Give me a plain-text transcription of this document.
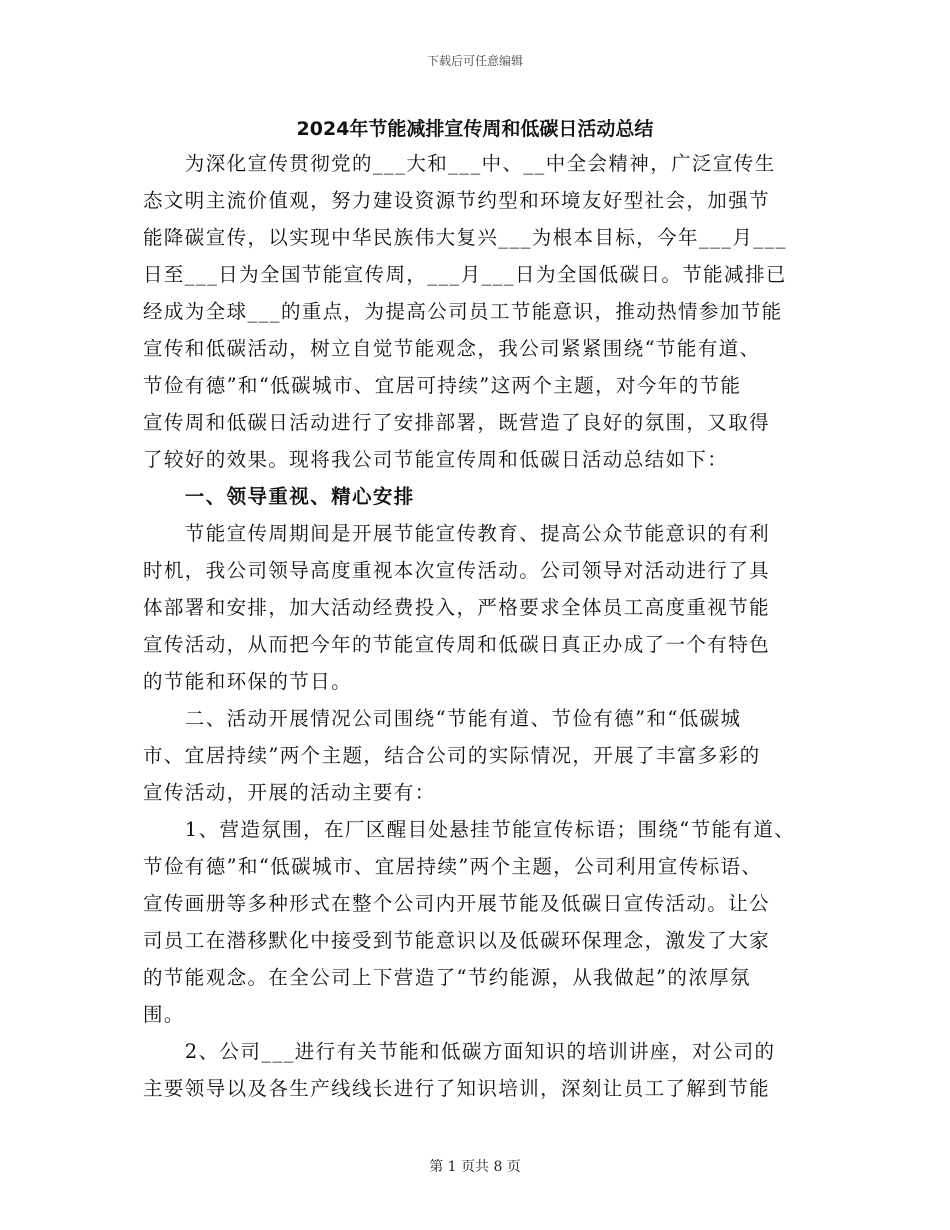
下载后可任意编辑
2024年节能减排宣传周和低碳日活动总结
　　为深化宣传贯彻党的___大和___中、__中全会精神，广泛宣传生
态文明主流价值观，努力建设资源节约型和环境友好型社会，加强节
能降碳宣传，以实现中华民族伟大复兴___为根本目标，今年___月___
日至___日为全国节能宣传周，___月___日为全国低碳日。节能减排已
经成为全球___的重点，为提高公司员工节能意识，推动热情参加节能
宣传和低碳活动，树立自觉节能观念，我公司紧紧围绕“节能有道、
节俭有德”和“低碳城市、宜居可持续”这两个主题，对今年的节能
宣传周和低碳日活动进行了安排部署，既营造了良好的氛围，又取得
了较好的效果。现将我公司节能宣传周和低碳日活动总结如下：
　　一、领导重视、精心安排
　　节能宣传周期间是开展节能宣传教育、提高公众节能意识的有利
时机，我公司领导高度重视本次宣传活动。公司领导对活动进行了具
体部署和安排，加大活动经费投入，严格要求全体员工高度重视节能
宣传活动，从而把今年的节能宣传周和低碳日真正办成了一个有特色
的节能和环保的节日。
　　二、活动开展情况公司围绕“节能有道、节俭有德”和“低碳城
市、宜居持续”两个主题，结合公司的实际情况，开展了丰富多彩的
宣传活动，开展的活动主要有：
　　1、营造氛围，在厂区醒目处悬挂节能宣传标语；围绕“节能有道、
节俭有德”和“低碳城市、宜居持续”两个主题，公司利用宣传标语、
宣传画册等多种形式在整个公司内开展节能及低碳日宣传活动。让公
司员工在潜移默化中接受到节能意识以及低碳环保理念，激发了大家
的节能观念。在全公司上下营造了“节约能源，从我做起”的浓厚氛
围。
　　2、公司___进行有关节能和低碳方面知识的培训讲座，对公司的
主要领导以及各生产线线长进行了知识培训，深刻让员工了解到节能
第 1 页共 8 页
